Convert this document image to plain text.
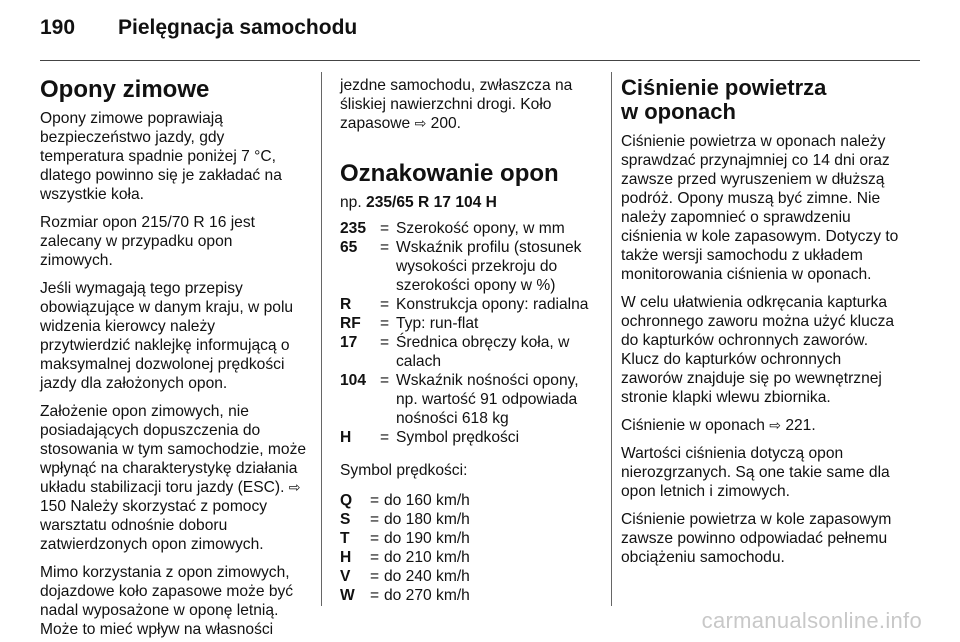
190	Pielęgnacja samochodu
Opony zimowe

Opony zimowe poprawiają bezpieczeństwo jazdy, gdy temperatura spadnie poniżej 7 °C, dlatego powinno się je zakładać na wszystkie koła.

Rozmiar opon 215/70 R 16 jest zalecany w przypadku opon zimowych.

Jeśli wymagają tego przepisy obowiązujące w danym kraju, w polu widzenia kierowcy należy przytwierdzić naklejkę informującą o maksymalnej dozwolonej prędkości jazdy dla założonych opon.

Założenie opon zimowych, nie posiadających dopuszczenia do stosowania w tym samochodzie, może wpłynąć na charakterystykę działania układu stabilizacji toru jazdy (ESC). ⇨ 150 Należy skorzystać z pomocy warsztatu odnośnie doboru zatwierdzonych opon zimowych.

Mimo korzystania z opon zimowych, dojazdowe koło zapasowe może być nadal wyposażone w oponę letnią. Może to mieć wpływ na własności

jezdne samochodu, zwłaszcza na śliskiej nawierzchni drogi. Koło zapasowe ⇨ 200.

Oznakowanie opon

np. 235/65 R 17 104 H

235 = Szerokość opony, w mm
65	= Wskaźnik profilu (stosunek wysokości przekroju do szerokości opony w %)
R	= Konstrukcja opony: radialna
RF	= Typ: run-flat
17	= Średnica obręczy koła, w calach
104 = Wskaźnik nośności opony, np. wartość 91 odpowiada nośności 618 kg
H	= Symbol prędkości

Symbol prędkości:

Q	= do 160 km/h
S	= do 180 km/h
T	= do 190 km/h
H	= do 210 km/h
V	= do 240 km/h
W = do 270 km/h
Ciśnienie powietrza
w oponach

Ciśnienie powietrza w oponach należy sprawdzać przynajmniej co 14 dni oraz zawsze przed wyruszeniem w dłuższą podróż. Opony muszą być zimne. Nie należy zapomnieć o sprawdzeniu ciśnienia w kole zapasowym. Dotyczy to także wersji samochodu z układem monitorowania ciśnienia w oponach.

W celu ułatwienia odkręcania kapturka ochronnego zaworu można użyć klucza do kapturków ochronnych zaworów. Klucz do kapturków ochronnych zaworów znajduje się po wewnętrznej stronie klapki wlewu zbiornika.

Ciśnienie w oponach ⇨ 221.

Wartości ciśnienia dotyczą opon nierozgrzanych. Są one takie same dla opon letnich i zimowych.

Ciśnienie powietrza w kole zapasowym zawsze powinno odpowiadać pełnemu obciążeniu samochodu.

carmanualsonline.info
